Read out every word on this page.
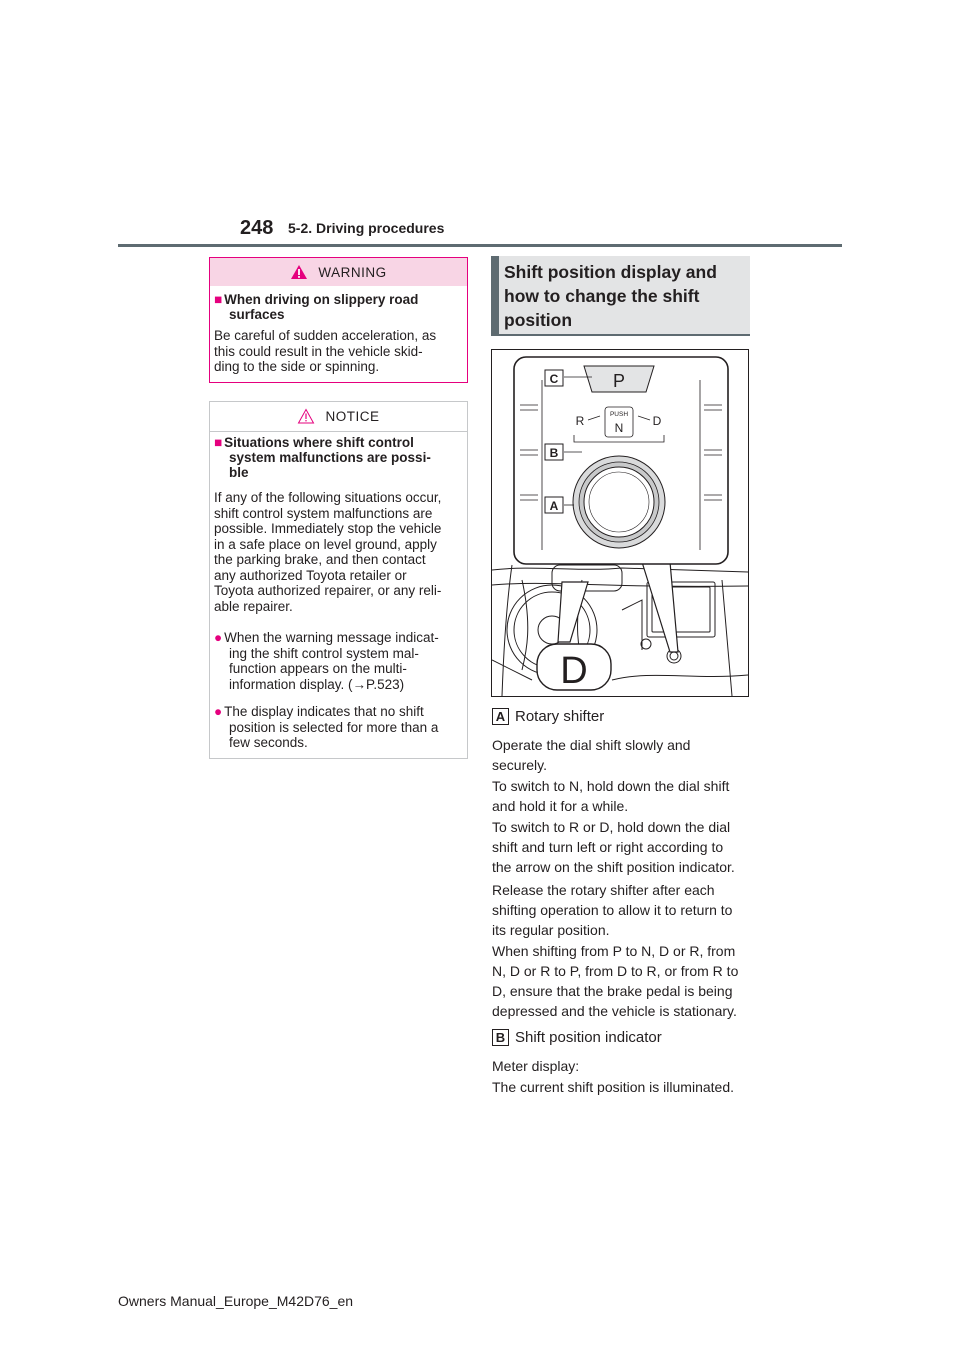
248 5-2. Driving procedures
WARNING
■ When driving on slippery road
surfaces
Be careful of sudden acceleration, as
this could result in the vehicle skid-
ding to the side or spinning.
NOTICE
■ Situations where shift control
system malfunctions are possi-
ble
If any of the following situations occur,
shift control system malfunctions are
possible. Immediately stop the vehicle
in a safe place on level ground, apply
the parking brake, and then contact
any authorized Toyota retailer or
Toyota authorized repairer, or any reli-
able repairer.
● When the warning message indicat-
ing the shift control system mal-
function appears on the multi-
information display. (→P.523)
● The display indicates that no shift
position is selected for more than a
few seconds.
Shift position display and
how to change the shift
position
D
P
R	PUSH
N D
C
B
A
A Rotary shifter
Operate the dial shift slowly and
securely.
To switch to N, hold down the dial shift
and hold it for a while.
To switch to R or D, hold down the dial
shift and turn left or right according to
the arrow on the shift position indicator.
Release the rotary shifter after each
shifting operation to allow it to return to
its regular position.
When shifting from P to N, D or R, from
N, D or R to P, from D to R, or from R to
D, ensure that the brake pedal is being
depressed and the vehicle is stationary.
B Shift position indicator
Meter display:
The current shift position is illuminated.
Owners Manual_Europe_M42D76_en
